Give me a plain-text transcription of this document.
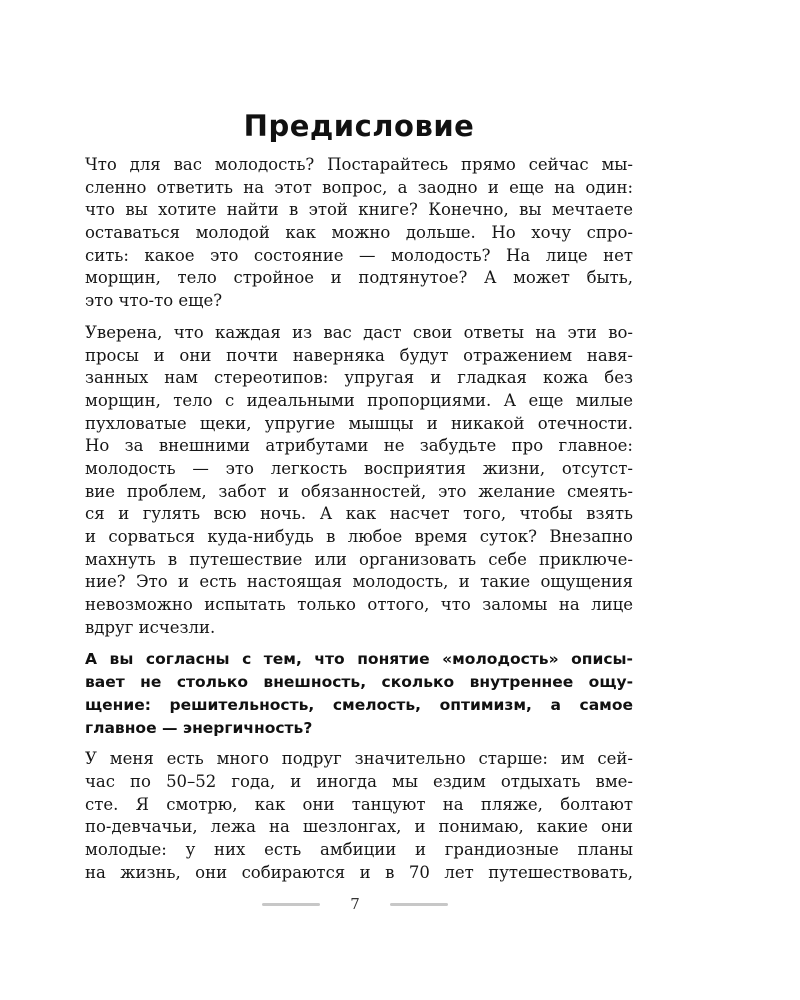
Предисловие

Что для вас молодость? Постарайтесь прямо сейчас мы-
сленно ответить на этот вопрос, а заодно и еще на один:
что вы хотите найти в этой книге? Конечно, вы мечтаете
оставаться молодой как можно дольше. Но хочу спро-
сить: какое это состояние — молодость? На лице нет
морщин, тело стройное и подтянутое? А может быть,
это что-то еще?

Уверена, что каждая из вас даст свои ответы на эти во-
просы и они почти наверняка будут отражением навя-
занных нам стереотипов: упругая и гладкая кожа без
морщин, тело с идеальными пропорциями. А еще милые
пухловатые щеки, упругие мышцы и никакой отечности.
Но за внешними атрибутами не забудьте про главное:
молодость — это легкость восприятия жизни, отсутст-
вие проблем, забот и обязанностей, это желание смеять-
ся и гулять всю ночь. А как насчет того, чтобы взять
и сорваться куда-нибудь в любое время суток? Внезапно
махнуть в путешествие или организовать себе приключе-
ние? Это и есть настоящая молодость, и такие ощущения
невозможно испытать только оттого, что заломы на лице
вдруг исчезли.

А вы согласны с тем, что понятие «молодость» описы-
вает не столько внешность, сколько внутреннее ощу-
щение: решительность, смелость, оптимизм, а самое
главное — энергичность?

У меня есть много подруг значительно старше: им сей-
час по 50–52 года, и иногда мы ездим отдыхать вме-
сте. Я смотрю, как они танцуют на пляже, болтают
по-девчачьи, лежа на шезлонгах, и понимаю, какие они
молодые: у них есть амбиции и грандиозные планы
на жизнь, они собираются и в 70 лет путешествовать,

7
